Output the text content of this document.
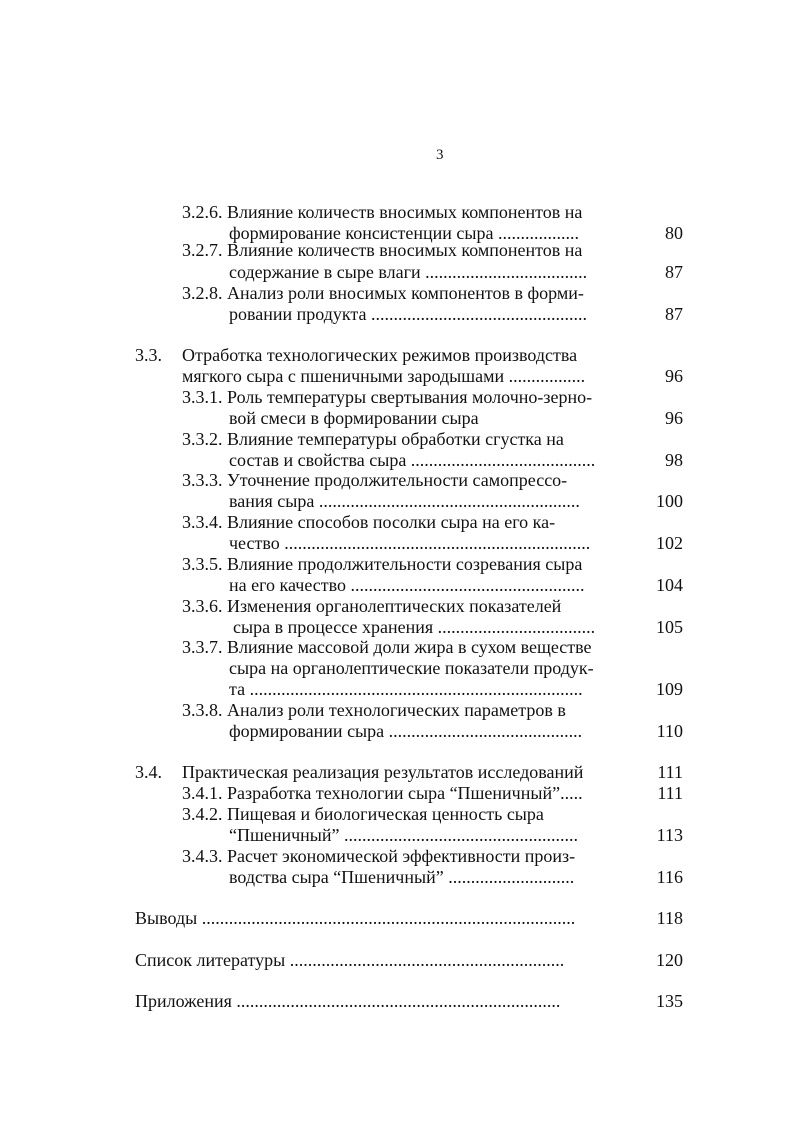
3
3.2.6. Влияние количеств вносимых компонентов на
формирование консистенции сыра ..................	80
3.2.7. Влияние количеств вносимых компонентов на
содержание в сыре влаги ....................................	87
3.2.8. Анализ роли вносимых компонентов в форми-
ровании продукта ................................................	87
3.3. Отработка технологических режимов производства
мягкого сыра с пшеничными зародышами .................	96
3.3.1. Роль температуры свертывания молочно-зерно-
вой смеси в формировании сыра	96
3.3.2. Влияние температуры обработки сгустка на
состав и свойства сыра .........................................	98
3.3.3. Уточнение продолжительности самопрессо-
вания сыра ..........................................................	100
3.3.4. Влияние способов посолки сыра на его ка-
чество ....................................................................	102
3.3.5. Влияние продолжительности созревания сыра
на его качество ....................................................	104
3.3.6. Изменения органолептических показателей
сыра в процессе хранения ...................................	105
3.3.7. Влияние массовой доли жира в сухом веществе
сыра на органолептические показатели продук-
та ..........................................................................	109
3.3.8. Анализ роли технологических параметров в
формировании сыра ...........................................	110
3.4. Практическая реализация результатов исследований	111
3.4.1. Разработка технологии сыра “Пшеничный”.....	111
3.4.2. Пищевая и биологическая ценность сыра
“Пшеничный” ....................................................	113
3.4.3. Расчет экономической эффективности произ-
водства сыра “Пшеничный” ............................	116
Выводы ...................................................................................	118
Список литературы .............................................................	120
Приложения ........................................................................	135
